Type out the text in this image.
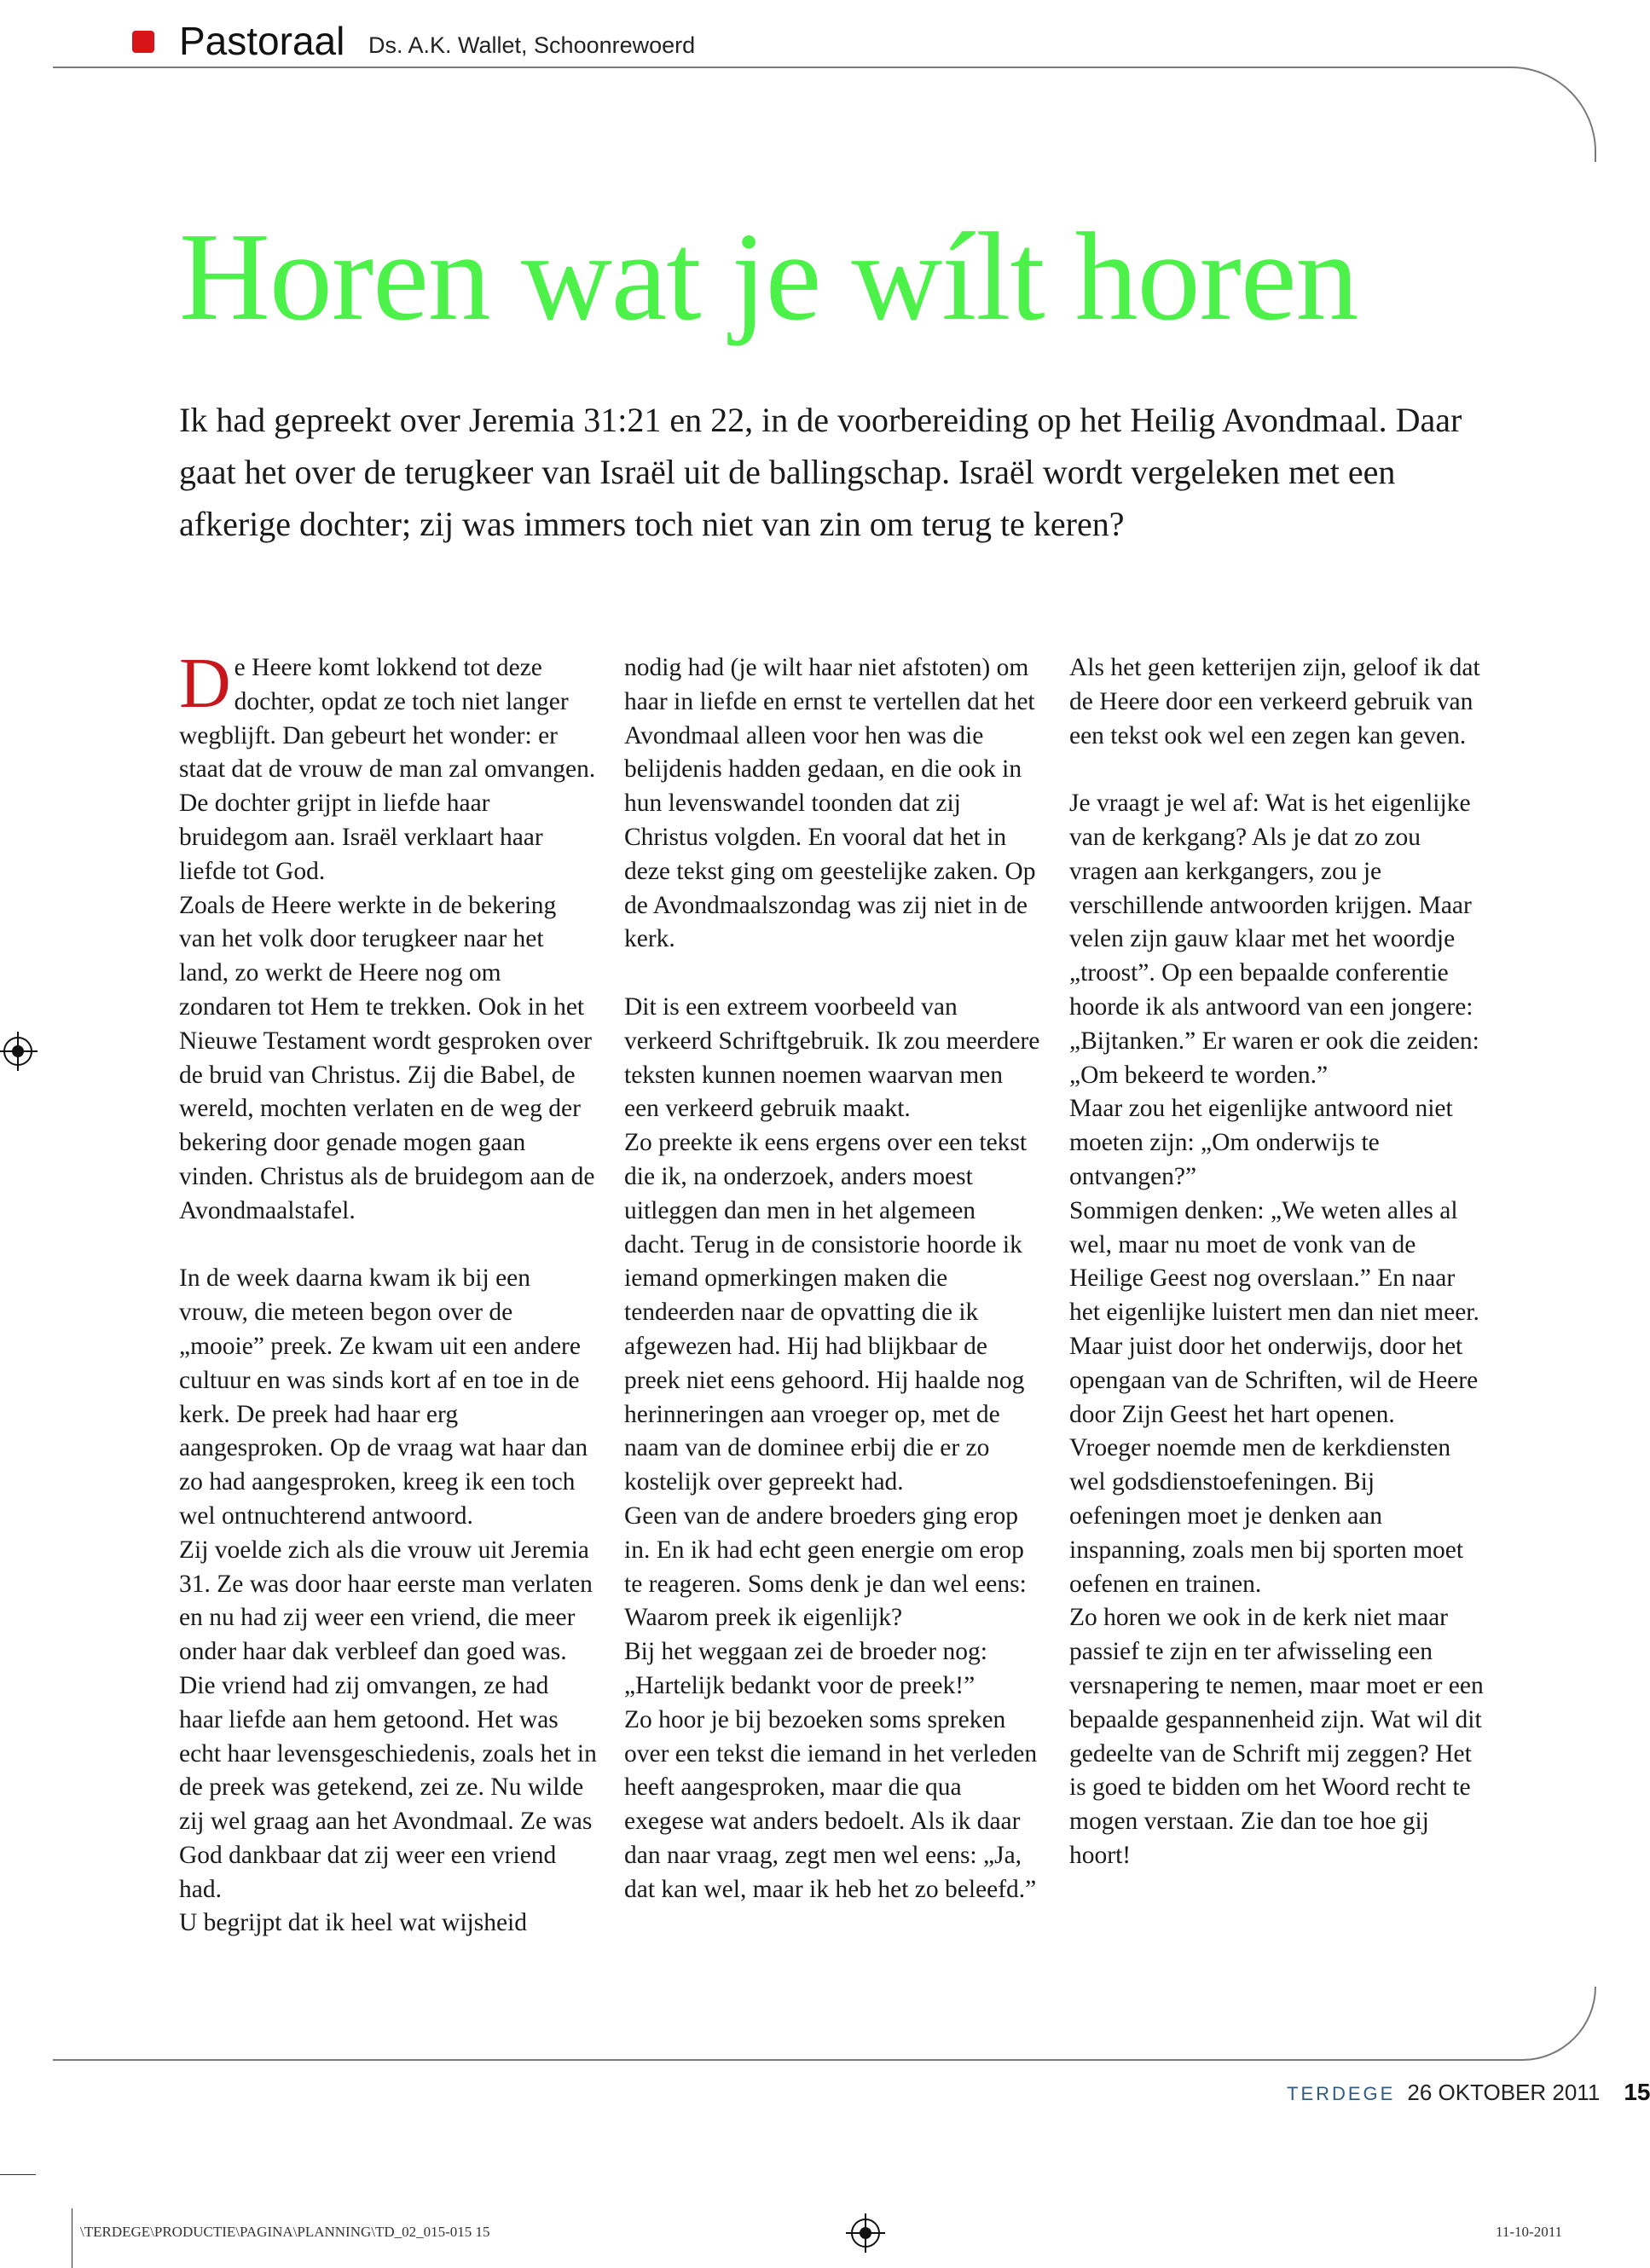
Pastoraal Ds. A.K. Wallet, Schoonrewoerd
Horen wat je wílt horen

Ik had gepreekt over Jeremia 31:21 en 22, in de voorbereiding op het Heilig Avondmaal. Daar gaat het over de terugkeer van Israël uit de ballingschap. Israël wordt vergeleken met een afkerige dochter; zij was immers toch niet van zin om terug te keren?

De Heere komt lokkend tot deze dochter, opdat ze toch niet langer wegblijft. Dan gebeurt het wonder: er staat dat de vrouw de man zal omvangen. De dochter grijpt in liefde haar bruidegom aan. Israël verklaart haar liefde tot God.

Zoals de Heere werkte in de bekering van het volk door terugkeer naar het land, zo werkt de Heere nog om zondaren tot Hem te trekken. Ook in het Nieuwe Testament wordt gesproken over de bruid van Christus. Zij die Babel, de wereld, mochten verlaten en de weg der bekering door genade mogen gaan vinden. Christus als de bruidegom aan de Avondmaalstafel.

In de week daarna kwam ik bij een vrouw, die meteen begon over de „mooie” preek. Ze kwam uit een andere cultuur en was sinds kort af en toe in de kerk. De preek had haar erg aangesproken. Op de vraag wat haar dan zo had aangesproken, kreeg ik een toch wel ontnuchterend antwoord.

Zij voelde zich als die vrouw uit Jeremia 31. Ze was door haar eerste man verlaten en nu had zij weer een vriend, die meer onder haar dak verbleef dan goed was. Die vriend had zij omvangen, ze had haar liefde aan hem getoond. Het was echt haar levensgeschiedenis, zoals het in de preek was getekend, zei ze. Nu wilde zij wel graag aan het Avondmaal. Ze was God dankbaar dat zij weer een vriend had.

U begrijpt dat ik heel wat wijsheid

nodig had (je wilt haar niet afstoten) om haar in liefde en ernst te vertellen dat het Avondmaal alleen voor hen was die belijdenis hadden gedaan, en die ook in hun levenswandel toonden dat zij Christus volgden. En vooral dat het in deze tekst ging om geestelijke zaken. Op de Avondmaalszondag was zij niet in de kerk.

Dit is een extreem voorbeeld van verkeerd Schriftgebruik. Ik zou meerdere teksten kunnen noemen waarvan men een verkeerd gebruik maakt.

Zo preekte ik eens ergens over een tekst die ik, na onderzoek, anders moest uitleggen dan men in het algemeen dacht. Terug in de consistorie hoorde ik iemand opmerkingen maken die tendeerden naar de opvatting die ik afgewezen had. Hij had blijkbaar de preek niet eens gehoord. Hij haalde nog herinneringen aan vroeger op, met de naam van de dominee erbij die er zo kostelijk over gepreekt had.

Geen van de andere broeders ging erop in. En ik had echt geen energie om erop te reageren. Soms denk je dan wel eens: Waarom preek ik eigenlijk?

Bij het weggaan zei de broeder nog: „Hartelijk bedankt voor de preek!”

Zo hoor je bij bezoeken soms spreken over een tekst die iemand in het verleden heeft aangesproken, maar die qua exegese wat anders bedoelt. Als ik daar dan naar vraag, zegt men wel eens: „Ja, dat kan wel, maar ik heb het zo beleefd.”

Als het geen ketterijen zijn, geloof ik dat de Heere door een verkeerd gebruik van een tekst ook wel een zegen kan geven.

Je vraagt je wel af: Wat is het eigenlijke van de kerkgang? Als je dat zo zou vragen aan kerkgangers, zou je verschillende antwoorden krijgen. Maar velen zijn gauw klaar met het woordje „troost”. Op een bepaalde conferentie hoorde ik als antwoord van een jongere: „Bijtanken.” Er waren er ook die zeiden: „Om bekeerd te worden.”

Maar zou het eigenlijke antwoord niet moeten zijn: „Om onderwijs te ontvangen?”

Sommigen denken: „We weten alles al wel, maar nu moet de vonk van de Heilige Geest nog overslaan.” En naar het eigenlijke luistert men dan niet meer. Maar juist door het onderwijs, door het opengaan van de Schriften, wil de Heere door Zijn Geest het hart openen.

Vroeger noemde men de kerkdiensten wel godsdienstoefeningen. Bij oefeningen moet je denken aan inspanning, zoals men bij sporten moet oefenen en trainen.

Zo horen we ook in de kerk niet maar passief te zijn en ter afwisseling een versnapering te nemen, maar moet er een bepaalde gespannenheid zijn. Wat wil dit gedeelte van de Schrift mij zeggen? Het is goed te bidden om het Woord recht te mogen verstaan. Zie dan toe hoe gij hoort!

TERDEGE 26 OKTOBER 2011 15
\TERDEGE\PRODUCTIE\PAGINA\PLANNING\TD_02_015-015 15	11-10-2011
